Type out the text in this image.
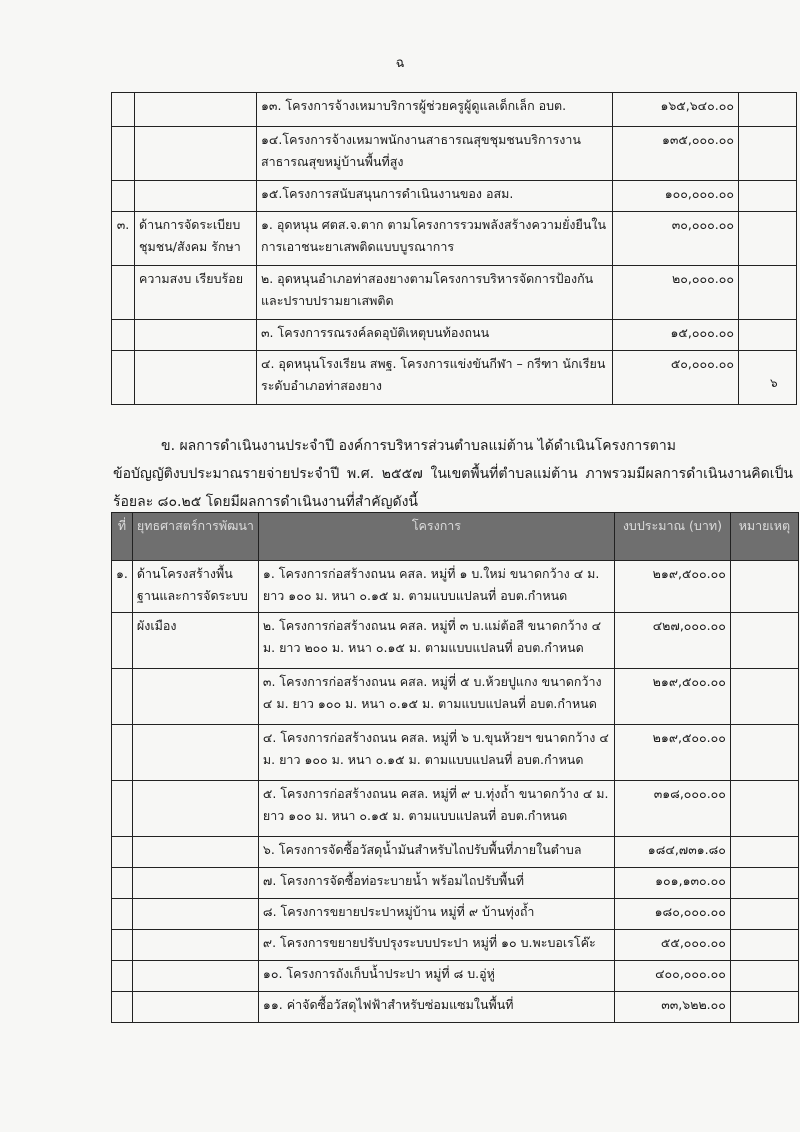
ฉ
		๑๓. โครงการจ้างเหมาบริการผู้ช่วยครูผู้ดูแลเด็กเล็ก อบต.	๑๖๕,๖๔๐.๐๐	
		๑๔.โครงการจ้างเหมาพนักงานสาธารณสุขชุมชนบริการงานสาธารณสุขหมู่บ้านพื้นที่สูง	๑๓๕,๐๐๐.๐๐	
		๑๕.โครงการสนับสนุนการดำเนินงานของ อสม.	๑๐๐,๐๐๐.๐๐	
๓.	ด้านการจัดระเบียบชุมชน/สังคม รักษา	๑. อุดหนุน ศตส.จ.ตาก ตามโครงการรวมพลังสร้างความยั่งยืนในการเอาชนะยาเสพติดแบบบูรณาการ	๓๐,๐๐๐.๐๐	
	ความสงบ เรียบร้อย	๒. อุดหนุนอำเภอท่าสองยางตามโครงการบริหารจัดการป้องกันและปราบปรามยาเสพติด	๒๐,๐๐๐.๐๐	
		๓. โครงการรณรงค์ลดอุบัติเหตุบนท้องถนน	๑๕,๐๐๐.๐๐	
		๔. อุดหนุนโรงเรียน สพฐ. โครงการแข่งขันกีฬา – กรีฑา นักเรียนระดับอำเภอท่าสองยาง	๕๐,๐๐๐.๐๐	
๖
ข. ผลการดำเนินงานประจำปี องค์การบริหารส่วนตำบลแม่ต้าน ได้ดำเนินโครงการตาม
ข้อบัญญัติงบประมาณรายจ่ายประจำปี พ.ศ. ๒๕๕๗ ในเขตพื้นที่ตำบลแม่ต้าน ภาพรวมมีผลการดำเนินงานคิดเป็นร้อยละ ๘๐.๒๕ โดยมีผลการดำเนินงานที่สำคัญดังนี้
ที่	ยุทธศาสตร์การพัฒนา	โครงการ	งบประมาณ (บาท)	หมายเหตุ
๑.	ด้านโครงสร้างพื้นฐานและการจัดระบบ	๑. โครงการก่อสร้างถนน คสล. หมู่ที่ ๑ บ.ใหม่ ขนาดกว้าง ๔ ม. ยาว ๑๐๐ ม. หนา ๐.๑๕ ม. ตามแบบแปลนที่ อบต.กำหนด	๒๑๙,๕๐๐.๐๐	
	ผังเมือง	๒. โครงการก่อสร้างถนน คสล. หมู่ที่ ๓ บ.แม่ต้อสี ขนาดกว้าง ๔ ม. ยาว ๒๐๐ ม. หนา ๐.๑๕ ม. ตามแบบแปลนที่ อบต.กำหนด	๔๒๗,๐๐๐.๐๐	
		๓. โครงการก่อสร้างถนน คสล. หมู่ที่ ๕ บ.ห้วยปูแกง ขนาดกว้าง ๔ ม. ยาว ๑๐๐ ม. หนา ๐.๑๕ ม. ตามแบบแปลนที่ อบต.กำหนด	๒๑๙,๕๐๐.๐๐	
		๔. โครงการก่อสร้างถนน คสล. หมู่ที่ ๖ บ.ขุนห้วยฯ ขนาดกว้าง ๔ ม. ยาว ๑๐๐ ม. หนา ๐.๑๕ ม. ตามแบบแปลนที่ อบต.กำหนด	๒๑๙,๕๐๐.๐๐	
		๕. โครงการก่อสร้างถนน คสล. หมู่ที่ ๙ บ.ทุ่งถ้ำ ขนาดกว้าง ๔ ม. ยาว ๑๐๐ ม. หนา ๐.๑๕ ม. ตามแบบแปลนที่ อบต.กำหนด	๓๑๘,๐๐๐.๐๐	
		๖. โครงการจัดซื้อวัสดุน้ำมันสำหรับไถปรับพื้นที่ภายในตำบล	๑๘๔,๗๓๑.๘๐	
		๗. โครงการจัดซื้อท่อระบายน้ำ พร้อมไถปรับพื้นที่	๑๐๑,๑๓๐.๐๐	
		๘. โครงการขยายประปาหมู่บ้าน หมู่ที่ ๙ บ้านทุ่งถ้ำ	๑๘๐,๐๐๐.๐๐	
		๙. โครงการขยายปรับปรุงระบบประปา หมู่ที่ ๑๐ บ.พะบอเรโค๊ะ	๕๕,๐๐๐.๐๐	
		๑๐. โครงการถังเก็บน้ำประปา หมู่ที่ ๘ บ.อู่หู่	๔๐๐,๐๐๐.๐๐	
		๑๑. ค่าจัดซื้อวัสดุไฟฟ้าสำหรับซ่อมแซมในพื้นที่	๓๓,๖๒๒.๐๐	
